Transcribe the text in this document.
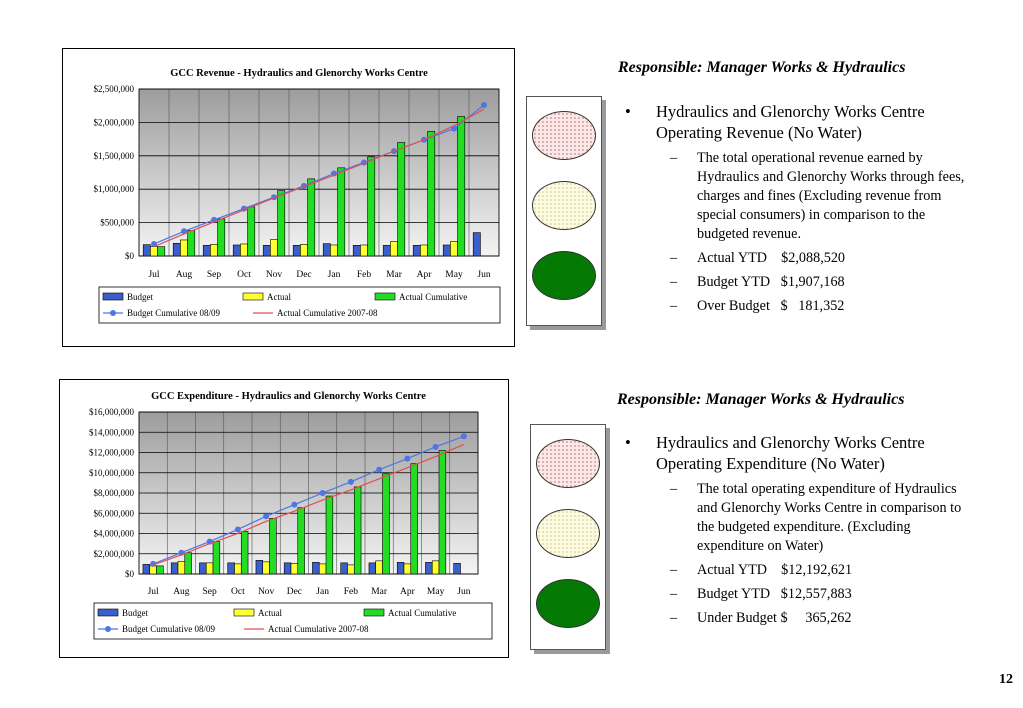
GCC Revenue - Hydraulics and Glenorchy Works Centre
$0
$500,000
$1,000,000
$1,500,000
$2,000,000
$2,500,000
Jul Aug Sep Oct Nov Dec Jan Feb Mar Apr May Jun
Budget	Actual	Actual Cumulative
Budget Cumulative 08/09	Actual Cumulative 2007-08
Responsible: Manager Works & Hydraulics
• Hydraulics and Glenorchy Works Centre Operating Revenue (No Water)
– The total operational revenue earned by Hydraulics and Glenorchy Works through fees, charges and fines (Excluding revenue from special consumers) in comparison to the budgeted revenue.
– Actual YTD    $2,088,520
– Budget YTD   $1,907,168
– Over Budget   $   181,352
GCC Expenditure - Hydraulics and Glenorchy Works Centre
$0
$2,000,000
$4,000,000
$6,000,000
$8,000,000
$10,000,000
$12,000,000
$14,000,000
$16,000,000
Jul Aug Sep Oct Nov Dec Jan Feb Mar Apr May Jun
Budget	Actual	Actual Cumulative
Budget Cumulative 08/09	Actual Cumulative 2007-08
Responsible: Manager Works & Hydraulics
• Hydraulics and Glenorchy Works Centre Operating Expenditure (No Water)
– The total operating expenditure of Hydraulics and Glenorchy Works Centre in comparison to the budgeted expenditure. (Excluding expenditure on Water)
– Actual YTD    $12,192,621
– Budget YTD   $12,557,883
– Under Budget $     365,262
12
